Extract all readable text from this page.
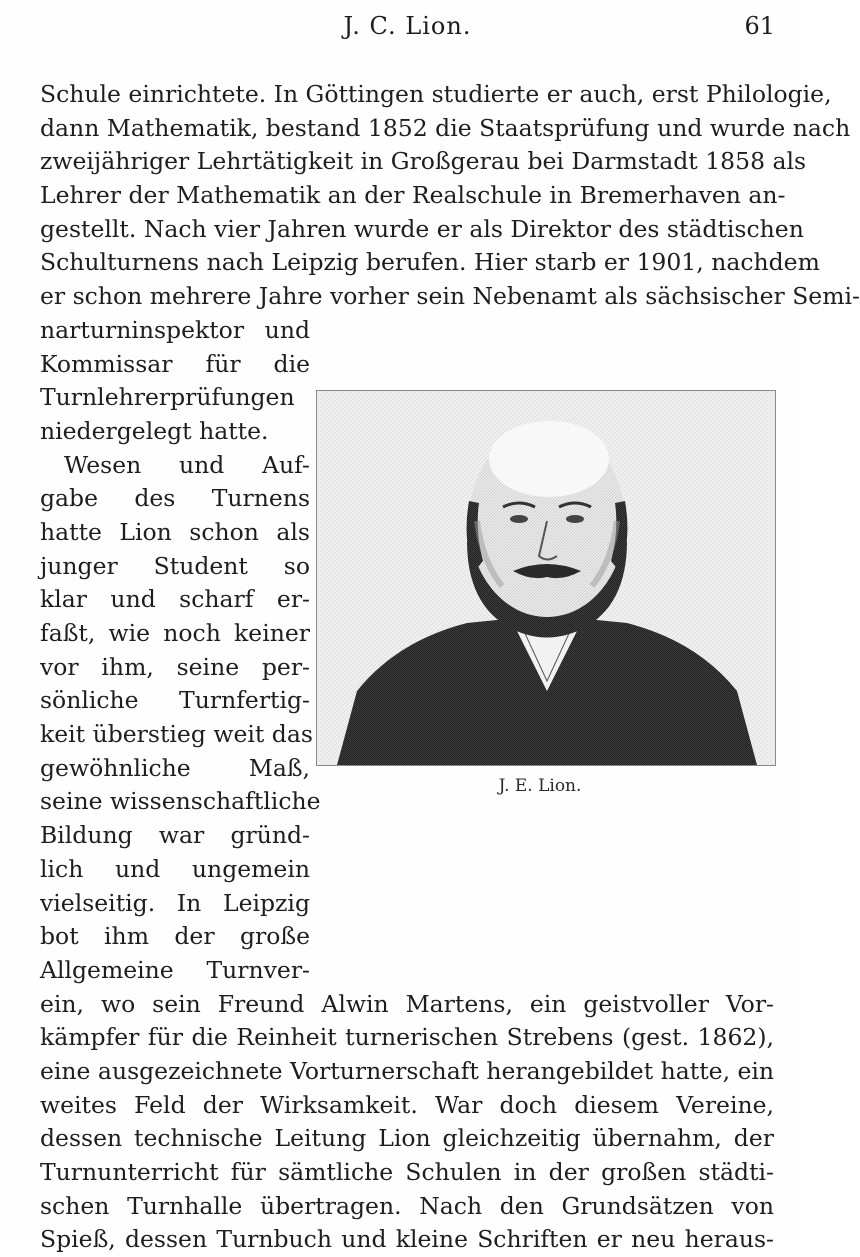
J. C. Lion.	61
Schule einrichtete. In Göttingen studierte er auch, erst Philologie,
dann Mathematik, bestand 1852 die Staatsprüfung und wurde nach
zweijähriger Lehrtätigkeit in Großgerau bei Darmstadt 1858 als
Lehrer der Mathematik an der Realschule in Bremerhaven an-
gestellt. Nach vier Jahren wurde er als Direktor des städtischen
Schulturnens nach Leipzig berufen. Hier starb er 1901, nachdem
er schon mehrere Jahre vorher sein Nebenamt als sächsischer Semi-
narturninspektor und
Kommissar für die
Turnlehrerprüfungen
niedergelegt hatte.
Wesen und Auf-
gabe des Turnens
hatte Lion schon als
junger Student so
klar und scharf er-
faßt, wie noch keiner
vor ihm, seine per-
sönliche Turnfertig-
keit überstieg weit das
gewöhnliche Maß,
seine wissenschaftliche
Bildung war gründ-
lich und ungemein
vielseitig. In Leipzig
bot ihm der große
Allgemeine Turnver-
ein, wo sein Freund Alwin Martens, ein geistvoller Vor-
kämpfer für die Reinheit turnerischen Strebens (gest. 1862),
eine ausgezeichnete Vorturnerschaft herangebildet hatte, ein
weites Feld der Wirksamkeit. War doch diesem Vereine,
dessen technische Leitung Lion gleichzeitig übernahm, der
Turnunterricht für sämtliche Schulen in der großen städti-
schen Turnhalle übertragen. Nach den Grundsätzen von
Spieß, dessen Turnbuch und kleine Schriften er neu heraus-
J. E. Lion.
